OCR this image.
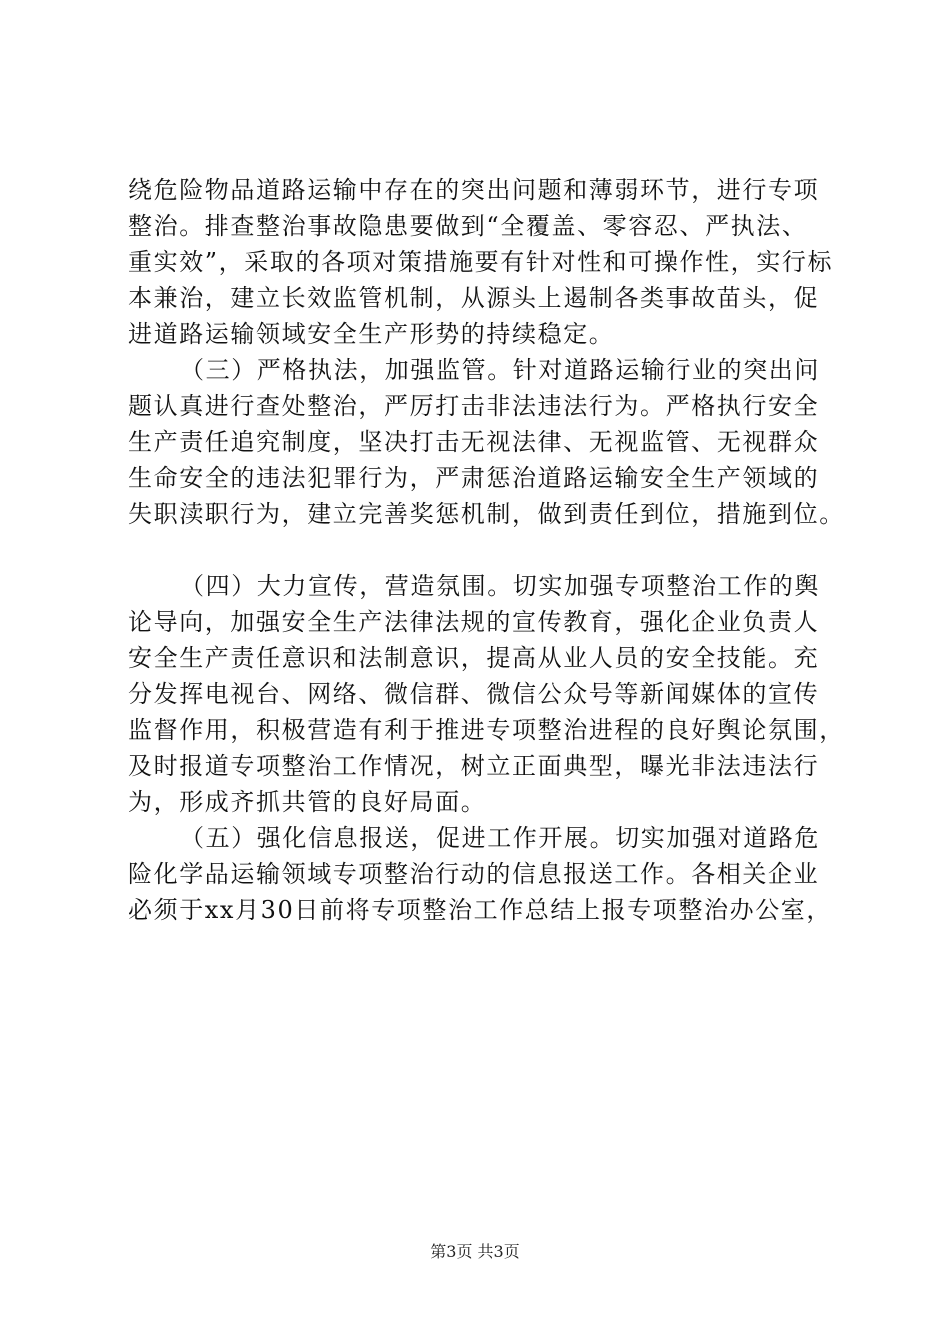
绕危险物品道路运输中存在的突出问题和薄弱环节，进行专项
整治。排查整治事故隐患要做到“全覆盖、零容忍、严执法、
重实效”，采取的各项对策措施要有针对性和可操作性，实行标
本兼治，建立长效监管机制，从源头上遏制各类事故苗头，促
进道路运输领域安全生产形势的持续稳定。
（三）严格执法，加强监管。针对道路运输行业的突出问
题认真进行查处整治，严厉打击非法违法行为。严格执行安全
生产责任追究制度，坚决打击无视法律、无视监管、无视群众
生命安全的违法犯罪行为，严肃惩治道路运输安全生产领域的
失职渎职行为，建立完善奖惩机制，做到责任到位，措施到位。
（四）大力宣传，营造氛围。切实加强专项整治工作的舆
论导向，加强安全生产法律法规的宣传教育，强化企业负责人
安全生产责任意识和法制意识，提高从业人员的安全技能。充
分发挥电视台、网络、微信群、微信公众号等新闻媒体的宣传
监督作用，积极营造有利于推进专项整治进程的良好舆论氛围，
及时报道专项整治工作情况，树立正面典型，曝光非法违法行
为，形成齐抓共管的良好局面。
（五）强化信息报送，促进工作开展。切实加强对道路危
险化学品运输领域专项整治行动的信息报送工作。各相关企业
必须于xx月30日前将专项整治工作总结上报专项整治办公室，
第3页 共3页
